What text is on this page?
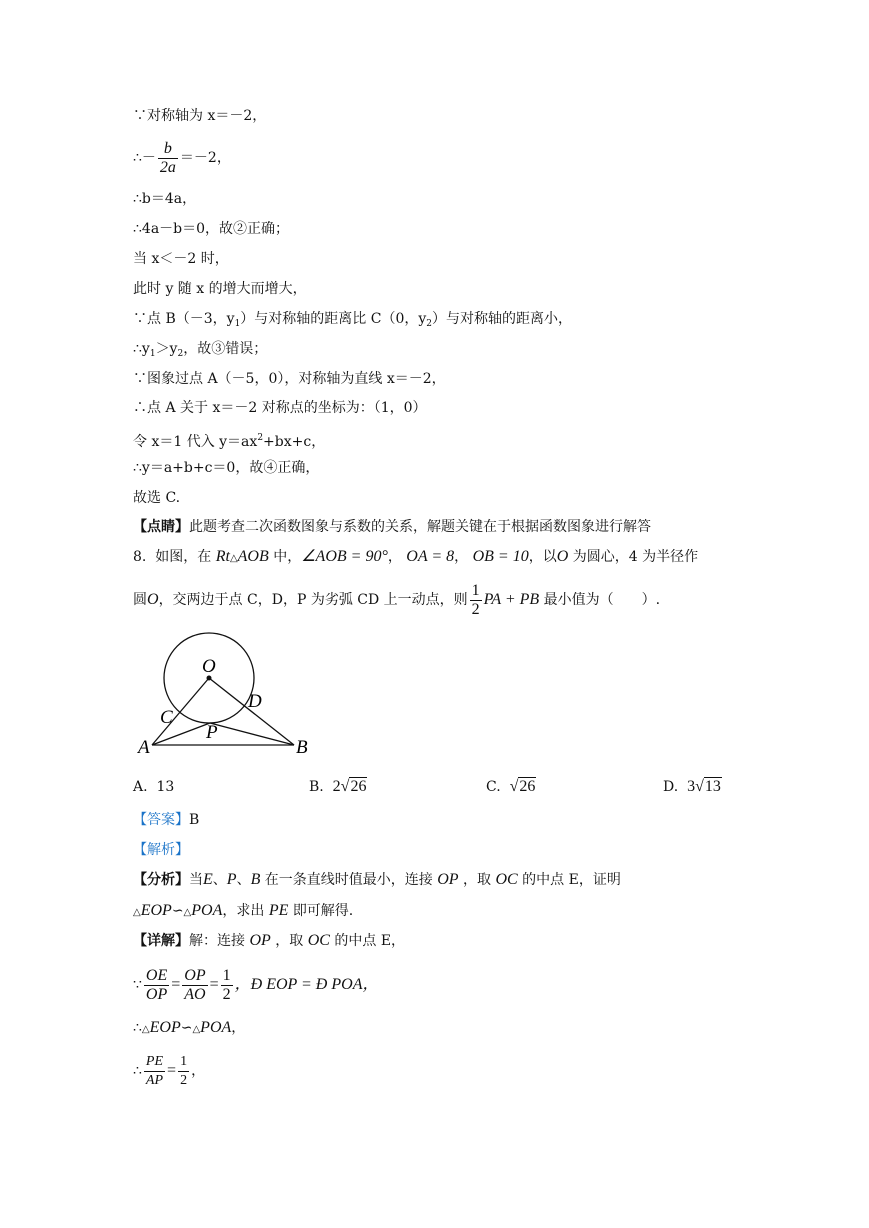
∵对称轴为 x＝－2，
∴－ $\frac{b}{2a} =-2$，
∴b＝4a，
∴4a－b＝0，故②正确；
当 x＜－2 时，
此时 y 随 x 的增大而增大，
∵点 B（－3，$y_1$）与对称轴的距离比 C（0，$y_2$）与对称轴的距离小，
$\therefore y_1>y_2$，故③错误；
∵图象过点 A（－5，0），对称轴为直线 x＝－2，
∴点 A 关于 x＝－2 对称点的坐标为：（1，0）
令 x＝1 代入 $y=ax^2+bx+c$，
∴y＝a+b+c＝0，故④正确，
故选 C.
【点睛】此题考查二次函数图象与系数的关系，解题关键在于根据函数图象进行解答
8. 如图，在 Rt△AOB 中，∠AOB = 90°， OA = 8， OB = 10，以O 为圆心，4 为半径作
圆O，交两边于点 C，D，P 为劣弧 CD 上一动点，则 $\frac{1}{2}$ PA + PB 最小值为（　　）.
O
D
C
P
A	B
A. 13	B. 2√26	C. √26	D. 3√13
【答案】B
【解析】
【分析】当E、P、B 在一条直线时值最小，连接 OP ，取 OC 的中点 E，证明
△EOP∽△POA，求出 PE 即可解得.
【详解】解：连接 OP ，取 OC 的中点 E，
∵ $\frac{OE}{OP} = \frac{OP}{AO} = \frac{1}{2}$ ，Ð EOP = Ð POA，
∴△EOP∽△POA，
∴ $\frac{PE}{AP} = \frac{1}{2}$ ，
